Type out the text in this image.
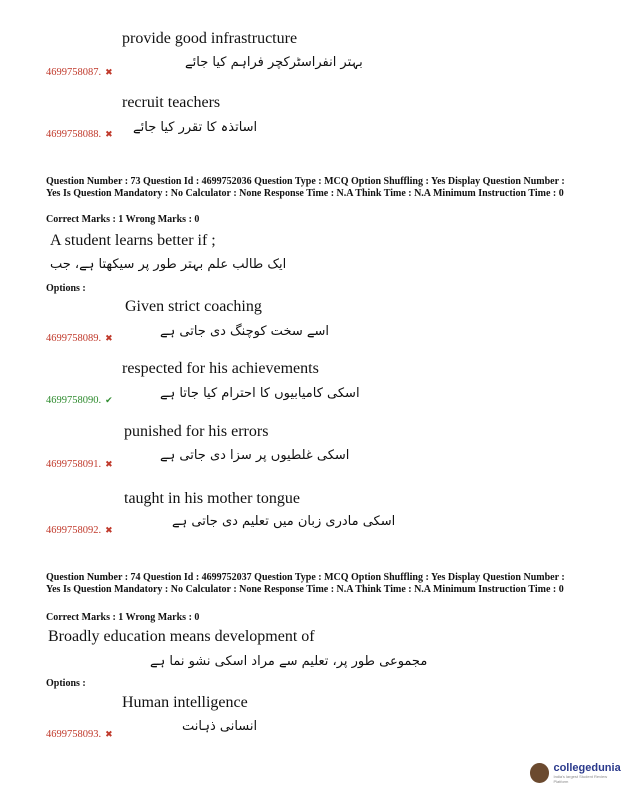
provide good infrastructure
بہتر انفراسٹرکچر فراہم کیا جائے
4699758087. ✖
recruit teachers
اساتذہ کا تقرر کیا جائے
4699758088. ✖
Question Number : 73 Question Id : 4699752036 Question Type : MCQ Option Shuffling : Yes Display Question Number : Yes Is Question Mandatory : No Calculator : None Response Time : N.A Think Time : N.A Minimum Instruction Time : 0
Correct Marks : 1 Wrong Marks : 0
A student learns better if ;
ایک طالب علم بہتر طور پر سیکھتا ہے، جب
Options :
Given strict coaching
اسے سخت کوچنگ دی جاتی ہے
4699758089. ✖
respected for his achievements
اسکی کامیابیوں کا احترام کیا جاتا ہے
4699758090. ✔
punished for his errors
اسکی غلطیوں پر سزا دی جاتی ہے
4699758091. ✖
taught in his mother tongue
اسکی مادری زبان میں تعلیم دی جاتی ہے
4699758092. ✖
Question Number : 74 Question Id : 4699752037 Question Type : MCQ Option Shuffling : Yes Display Question Number : Yes Is Question Mandatory : No Calculator : None Response Time : N.A Think Time : N.A Minimum Instruction Time : 0
Correct Marks : 1 Wrong Marks : 0
Broadly education means development of
مجموعی طور پر، تعلیم سے مراد اسکی نشو نما ہے
Options :
Human intelligence
انسانی ذہانت
4699758093. ✖
collegedunia
India's largest Student Review Platform
